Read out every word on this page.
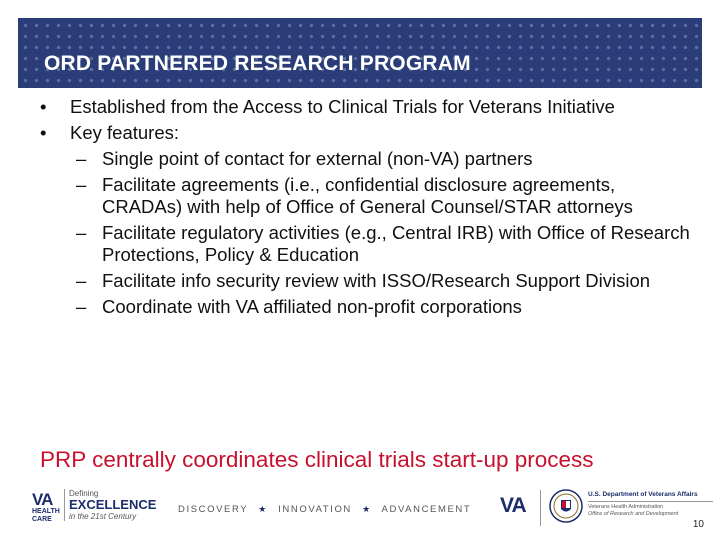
ORD PARTNERED RESEARCH PROGRAM
•	Established from the Access to Clinical Trials for Veterans Initiative
•	Key features:
– Single point of contact for external (non-VA) partners
– Facilitate agreements (i.e., confidential disclosure agreements, CRADAs) with help of Office of General Counsel/STAR attorneys
– Facilitate regulatory activities (e.g., Central IRB) with Office of Research Protections, Policy & Education
– Facilitate info security review with ISSO/Research Support Division
– Coordinate with VA affiliated non-profit corporations
PRP centrally coordinates clinical trials start-up process
VA
HEALTH CARE
Defining
EXCELLENCE
in the 21st Century
DISCOVERY ★ INNOVATION ★ ADVANCEMENT VA	U.S. Department of Veterans Affairs
Veterans Health Administration
Office of Research and Development
10
